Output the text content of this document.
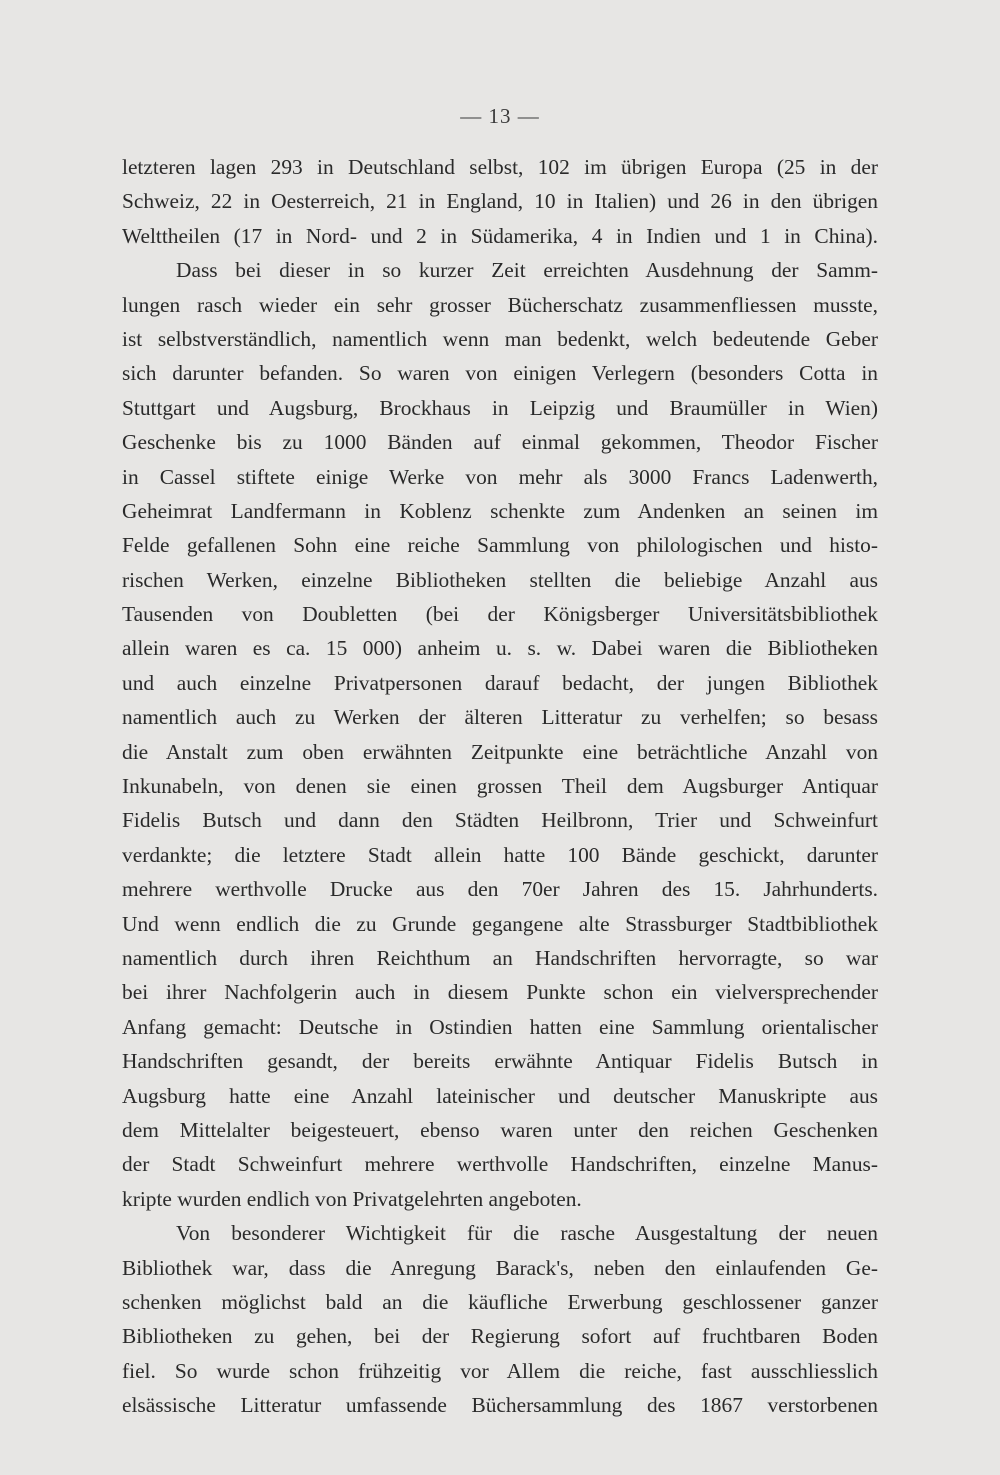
— 13 —
letzteren lagen 293 in Deutschland selbst, 102 im übrigen Europa (25 in der
Schweiz, 22 in Oesterreich, 21 in England, 10 in Italien) und 26 in den übrigen
Welttheilen (17 in Nord- und 2 in Südamerika, 4 in Indien und 1 in China).
Dass bei dieser in so kurzer Zeit erreichten Ausdehnung der Samm-
lungen rasch wieder ein sehr grosser Bücherschatz zusammenfliessen musste,
ist selbstverständlich, namentlich wenn man bedenkt, welch bedeutende Geber
sich darunter befanden. So waren von einigen Verlegern (besonders Cotta in
Stuttgart und Augsburg, Brockhaus in Leipzig und Braumüller in Wien)
Geschenke bis zu 1000 Bänden auf einmal gekommen, Theodor Fischer
in Cassel stiftete einige Werke von mehr als 3000 Francs Ladenwerth,
Geheimrat Landfermann in Koblenz schenkte zum Andenken an seinen im
Felde gefallenen Sohn eine reiche Sammlung von philologischen und histo-
rischen Werken, einzelne Bibliotheken stellten die beliebige Anzahl aus
Tausenden von Doubletten (bei der Königsberger Universitätsbibliothek
allein waren es ca. 15 000) anheim u. s. w. Dabei waren die Bibliotheken
und auch einzelne Privatpersonen darauf bedacht, der jungen Bibliothek
namentlich auch zu Werken der älteren Litteratur zu verhelfen; so besass
die Anstalt zum oben erwähnten Zeitpunkte eine beträchtliche Anzahl von
Inkunabeln, von denen sie einen grossen Theil dem Augsburger Antiquar
Fidelis Butsch und dann den Städten Heilbronn, Trier und Schweinfurt
verdankte; die letztere Stadt allein hatte 100 Bände geschickt, darunter
mehrere werthvolle Drucke aus den 70er Jahren des 15. Jahrhunderts.
Und wenn endlich die zu Grunde gegangene alte Strassburger Stadtbibliothek
namentlich durch ihren Reichthum an Handschriften hervorragte, so war
bei ihrer Nachfolgerin auch in diesem Punkte schon ein vielversprechender
Anfang gemacht: Deutsche in Ostindien hatten eine Sammlung orientalischer
Handschriften gesandt, der bereits erwähnte Antiquar Fidelis Butsch in
Augsburg hatte eine Anzahl lateinischer und deutscher Manuskripte aus
dem Mittelalter beigesteuert, ebenso waren unter den reichen Geschenken
der Stadt Schweinfurt mehrere werthvolle Handschriften, einzelne Manus-
kripte wurden endlich von Privatgelehrten angeboten.
Von besonderer Wichtigkeit für die rasche Ausgestaltung der neuen
Bibliothek war, dass die Anregung Barack's, neben den einlaufenden Ge-
schenken möglichst bald an die käufliche Erwerbung geschlossener ganzer
Bibliotheken zu gehen, bei der Regierung sofort auf fruchtbaren Boden
fiel. So wurde schon frühzeitig vor Allem die reiche, fast ausschliesslich
elsässische Litteratur umfassende Büchersammlung des 1867 verstorbenen
